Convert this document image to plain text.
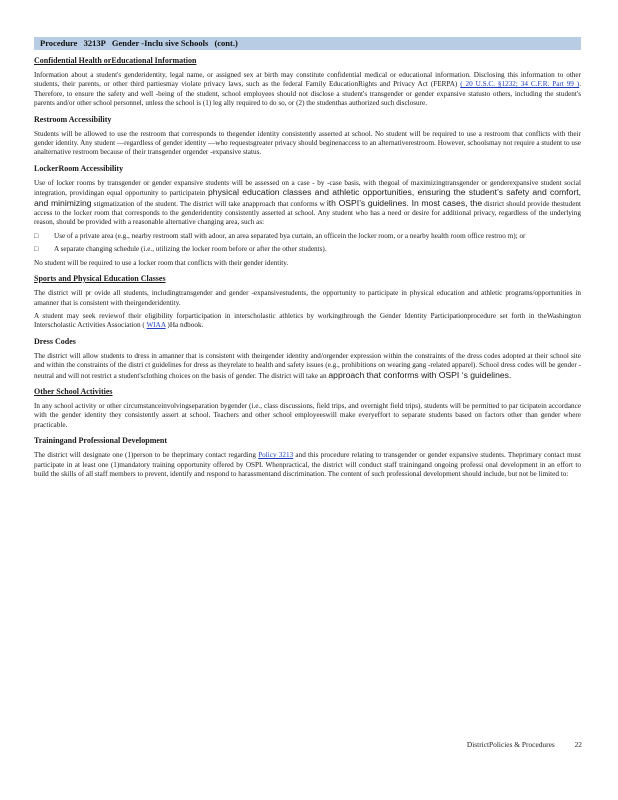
Procedure 3213P Gender -Inclu sive Schools (cont.)
Confidential Health orEducational Information

Information about a student's genderidentity, legal name, or assigned sex at birth may constitute confidential medical or educational information. Disclosing this information to other students, their parents, or other third partiesmay violate privacy laws, such as the federal Family EducationRights and Privacy Act (FERPA) ( 20 U.S.C. §1232; 34 C.F.R. Part 99 ). Therefore, to ensure the safety and well -being of the student, school employees should not disclose a student's transgender or gender expansive statusto others, including the student's parents and/or other school personnel, unless the school is (1) leg ally required to do so, or (2) the studenthas authorized such disclosure.

Restroom Accessibility

Students will be allowed to use the restroom that corresponds to thegender identity consistently asserted at school. No student will be required to use a restroom that conflicts with their gender identity. Any student —regardless of gender identity —who requestsgreater privacy should beginenaccess to an alternativerestroom. However, schoolsmay not require a student to use analternative restroom because of their transgender orgender -expansive status.

LockerRoom Accessibility

Use of locker rooms by transgender or gender expansive students will be assessed on a case - by -case basis, with thegoal of maximizingtransgender or genderexpansive student social integration, providingan equal opportunity to participatein physical education classes and athletic opportunities, ensuring the student’s safety and comfort, and minimizing stigmatization of the student. The district will take anapproach that conforms w ith OSPI’s guidelines. In most cases, the district should provide thestudent access to the locker room that corresponds to the genderidentity consistently asserted at school. Any student who has a need or desire for additional privacy, regardless of the underlying reason, should be provided with a reasonable alternative changing area, such as:

□	Use of a private area (e.g., nearby restroom stall with adoor, an area separated bya curtain, an officein the locker room, or a nearby health room office restroo m); or
□	A separate changing schedule (i.e., utilizing the locker room before or after the other students).

No student will be required to use a locker room that conflicts with their gender identity.

Sports and Physical Education Classes

The district will pr ovide all students, includingtransgender and gender -expansivestudents, the opportunity to participate in physical education and athletic programs/opportunities in amanner that is consistent with theirgenderidentity.

A student may seek reviewof their eligibility forparticipation in interscholastic athletics by workingthrough the Gender Identity Participationprocedure set forth in theWashington Interscholastic Activities Association ( WIAA )Ha ndbook.

Dress Codes

The district will allow students to dress in amanner that is consistent with theirgender identity and/orgender expression within the constraints of the dress codes adopted at their school site and within the constraints of the distri ct guidelines for dress as theyrelate to health and safety issues (e.g., prohibitions on wearing gang -related apparel). School dress codes will be gender -neutral and will not restrict a student'sclothing choices on the basis of gender. The district will take an approach that conforms with OSPI ‘s guidelines.

Other School Activities

In any school activity or other circumstanceinvolvingseparation bygender (i.e., class discussions, field trips, and overnight field trips), students will be permitted to par ticipatein accordance with the gender identity they consistently assert at school. Teachers and other school employeeswill make everyeffort to separate students based on factors other than gender where practicable.

Trainingand Professional Development

The district will designate one (1)person to be theprimary contact regarding Policy 3213 and this procedure relating to transgender or gender expansive students. Theprimary contact must participate in at least one (1)mandatory training opportunity offered by OSPI. Whenpractical, the district will conduct staff trainingand ongoing professi onal development in an effort to build the skills of all staff members to prevent, identify and respond to harassmentand discrimination. The content of such professional development should include, but not be limited to:

DistrictPolicies & Procedures	22
